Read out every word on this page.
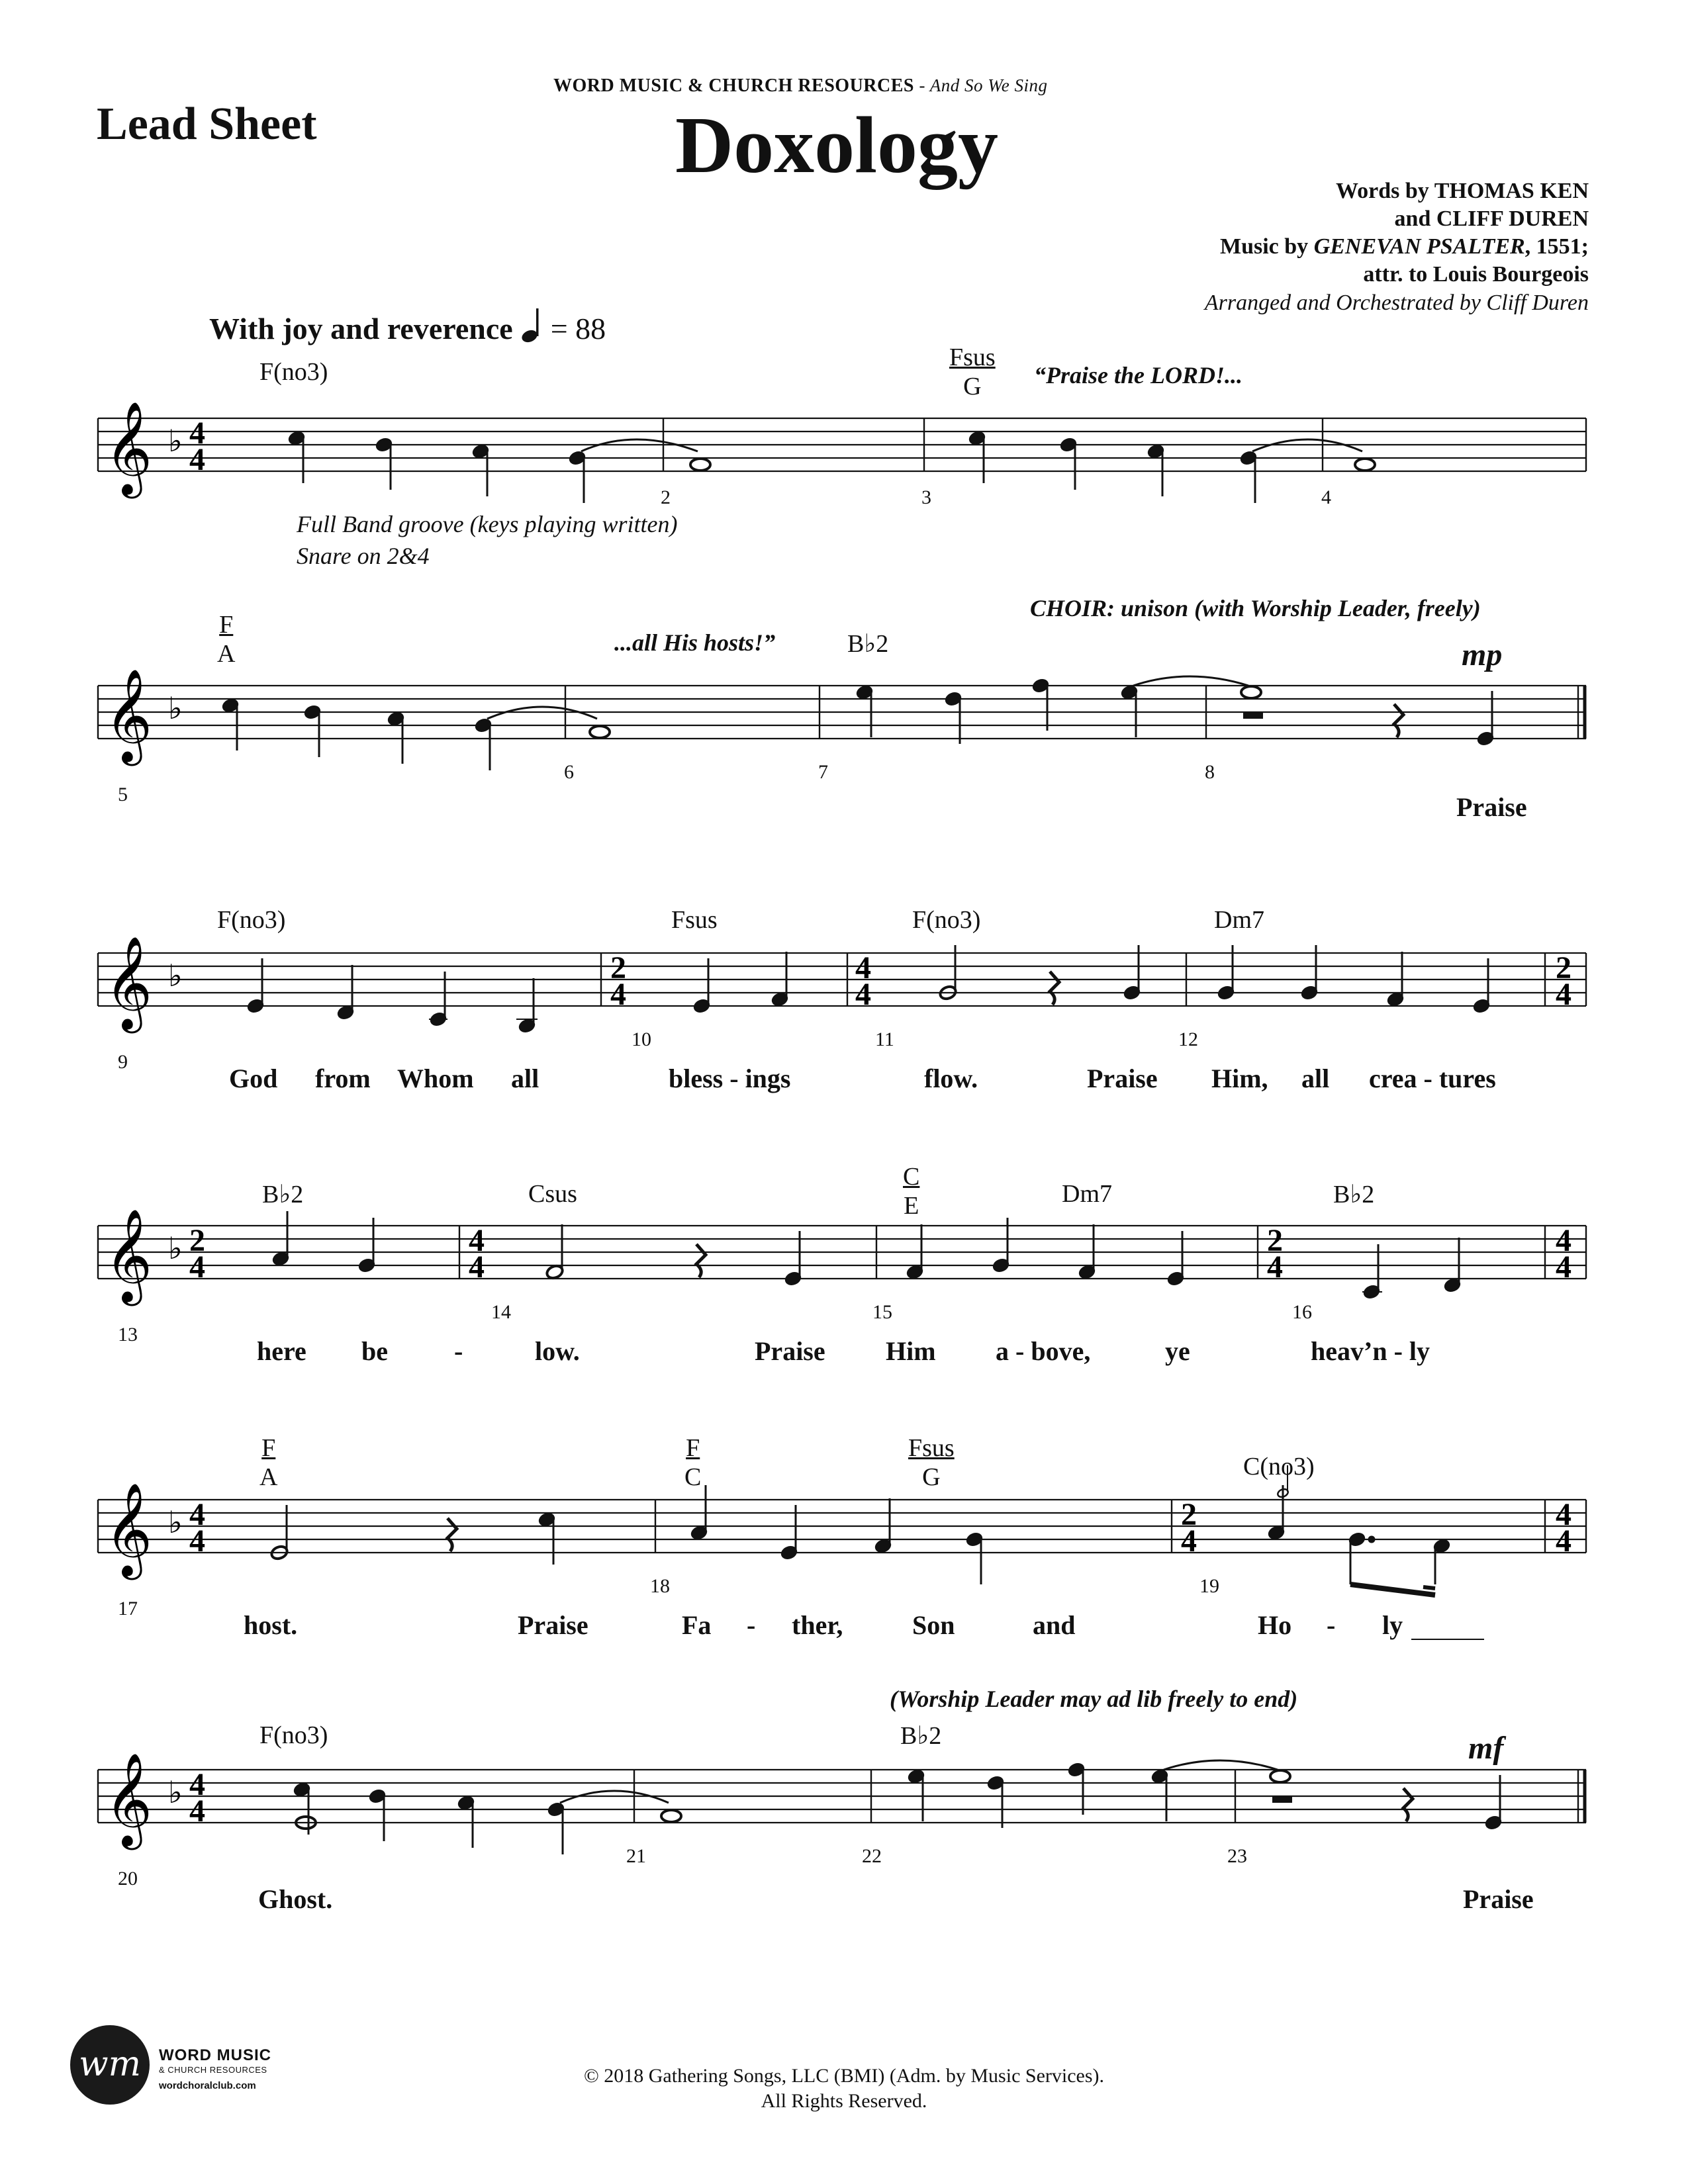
Lead Sheet
WORD MUSIC & CHURCH RESOURCES - And So We Sing
Doxology
Words by THOMAS KEN
and CLIFF DUREN
Music by GENEVAN PSALTER, 1551;
attr. to Louis Bourgeois
Arranged and Orchestrated by Cliff Duren
With joy and reverence = 88
F(no3)
Fsus
G	“Praise the LORD!...
𝄞 ♭ 4
4
2	3	4
Full Band groove (keys playing written)
Snare on 2&4
F
A	...all His hosts!”	B♭2
CHOIR: unison (with Worship Leader, freely)
mp
𝄞 ♭
5
6	7	8
Praise
F(no3)	Fsus	F(no3)	Dm7
𝄞 ♭	2
4
4
4
2
4
9
10	11	12
God from Whom all	bless - ings	flow.	Praise Him, all crea - tures
B♭2	Csus
C
E	Dm7	B♭2
𝄞 ♭ 2
4
4
4
2
4
4
4
13
14	15	16
here be	-	low.	Praise Him a - bove,	ye	heav’n - ly
F
A
F
C
Fsus
G	C(no3)
𝄞 ♭ 4
4
2
4
4
4
17
18	19
host.	Praise	Fa - ther,	Son	and	Ho - ly
(Worship Leader may ad lib freely to end)
F(no3)	B♭2	mf
𝄞 ♭ 4
4
20
21	22	23
Ghost.	Praise
wm WORD MUSIC
& CHURCH RESOURCES
wordchoralclub.com	© 2018 Gathering Songs, LLC (BMI) (Adm. by Music Services).
All Rights Reserved.
